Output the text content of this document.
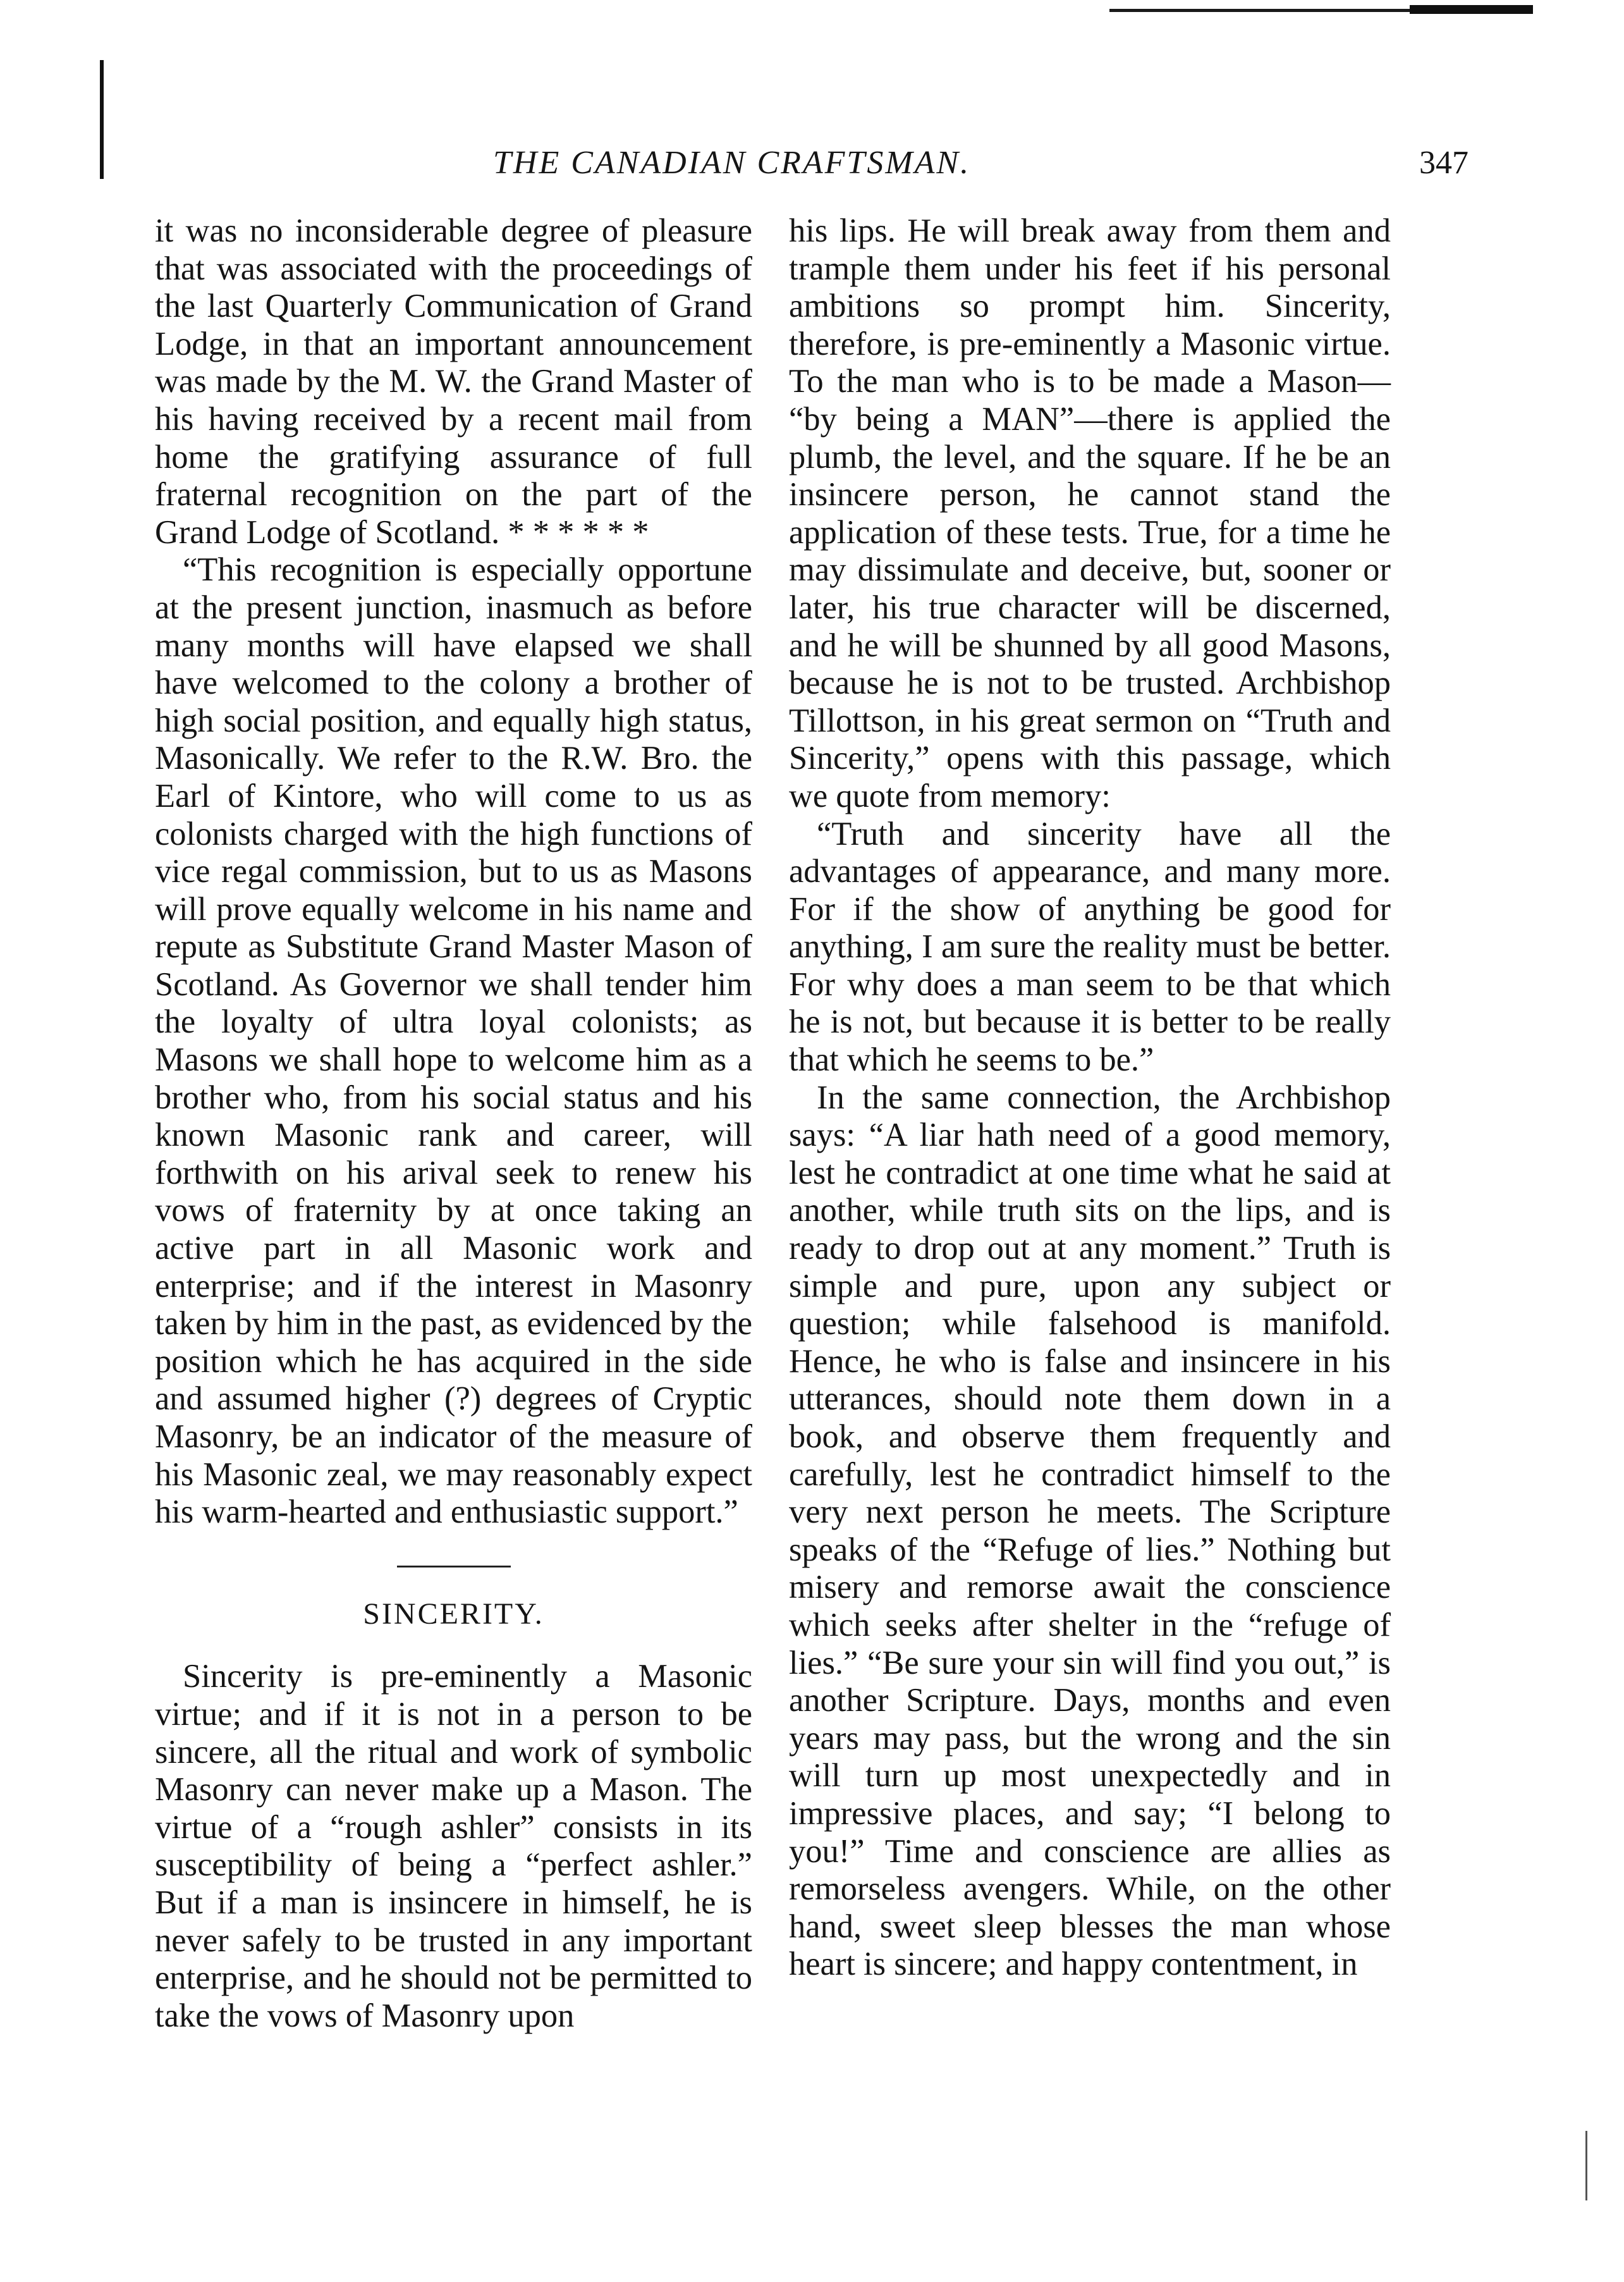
THE CANADIAN CRAFTSMAN.	347

it was no inconsiderable degree of pleasure that was associated with the proceedings of the last Quarterly Communication of Grand Lodge, in that an important announcement was made by the M. W. the Grand Master of his having received by a recent mail from home the gratifying assurance of full fraternal recognition on the part of the Grand Lodge of Scotland. * * * * * *

“This recognition is especially opportune at the present junction, inasmuch as before many months will have elapsed we shall have welcomed to the colony a brother of high social position, and equally high status, Masonically. We refer to the R.W. Bro. the Earl of Kintore, who will come to us as colonists charged with the high functions of vice regal commission, but to us as Masons will prove equally welcome in his name and repute as Substitute Grand Master Mason of Scotland. As Governor we shall tender him the loyalty of ultra loyal colonists; as Masons we shall hope to welcome him as a brother who, from his social status and his known Masonic rank and career, will forthwith on his arival seek to renew his vows of fraternity by at once taking an active part in all Masonic work and enterprise; and if the interest in Masonry taken by him in the past, as evidenced by the position which he has acquired in the side and assumed higher (?) degrees of Cryptic Masonry, be an indicator of the measure of his Masonic zeal, we may reasonably expect his warm-hearted and enthusiastic support.”

SINCERITY.

Sincerity is pre-eminently a Masonic virtue; and if it is not in a person to be sincere, all the ritual and work of symbolic Masonry can never make up a Mason. The virtue of a “rough ashler” consists in its susceptibility of being a “perfect ashler.” But if a man is insincere in himself, he is never safely to be trusted in any important enterprise, and he should not be permitted to take the vows of Masonry upon

his lips. He will break away from them and trample them under his feet if his personal ambitions so prompt him. Sincerity, therefore, is pre-eminently a Masonic virtue. To the man who is to be made a Mason— “by being a MAN”—there is applied the plumb, the level, and the square. If he be an insincere person, he cannot stand the application of these tests. True, for a time he may dissimulate and deceive, but, sooner or later, his true character will be discerned, and he will be shunned by all good Masons, because he is not to be trusted. Archbishop Tillottson, in his great sermon on “Truth and Sincerity,” opens with this passage, which we quote from memory:

“Truth and sincerity have all the advantages of appearance, and many more. For if the show of anything be good for anything, I am sure the reality must be better. For why does a man seem to be that which he is not, but because it is better to be really that which he seems to be.”

In the same connection, the Archbishop says: “A liar hath need of a good memory, lest he contradict at one time what he said at another, while truth sits on the lips, and is ready to drop out at any moment.” Truth is simple and pure, upon any subject or question; while falsehood is manifold. Hence, he who is false and insincere in his utterances, should note them down in a book, and observe them frequently and carefully, lest he contradict himself to the very next person he meets. The Scripture speaks of the “Refuge of lies.” Nothing but misery and remorse await the conscience which seeks after shelter in the “refuge of lies.” “Be sure your sin will find you out,” is another Scripture. Days, months and even years may pass, but the wrong and the sin will turn up most unexpectedly and in impressive places, and say; “I belong to you!” Time and conscience are allies as remorseless avengers. While, on the other hand, sweet sleep blesses the man whose heart is sincere; and happy contentment, in
